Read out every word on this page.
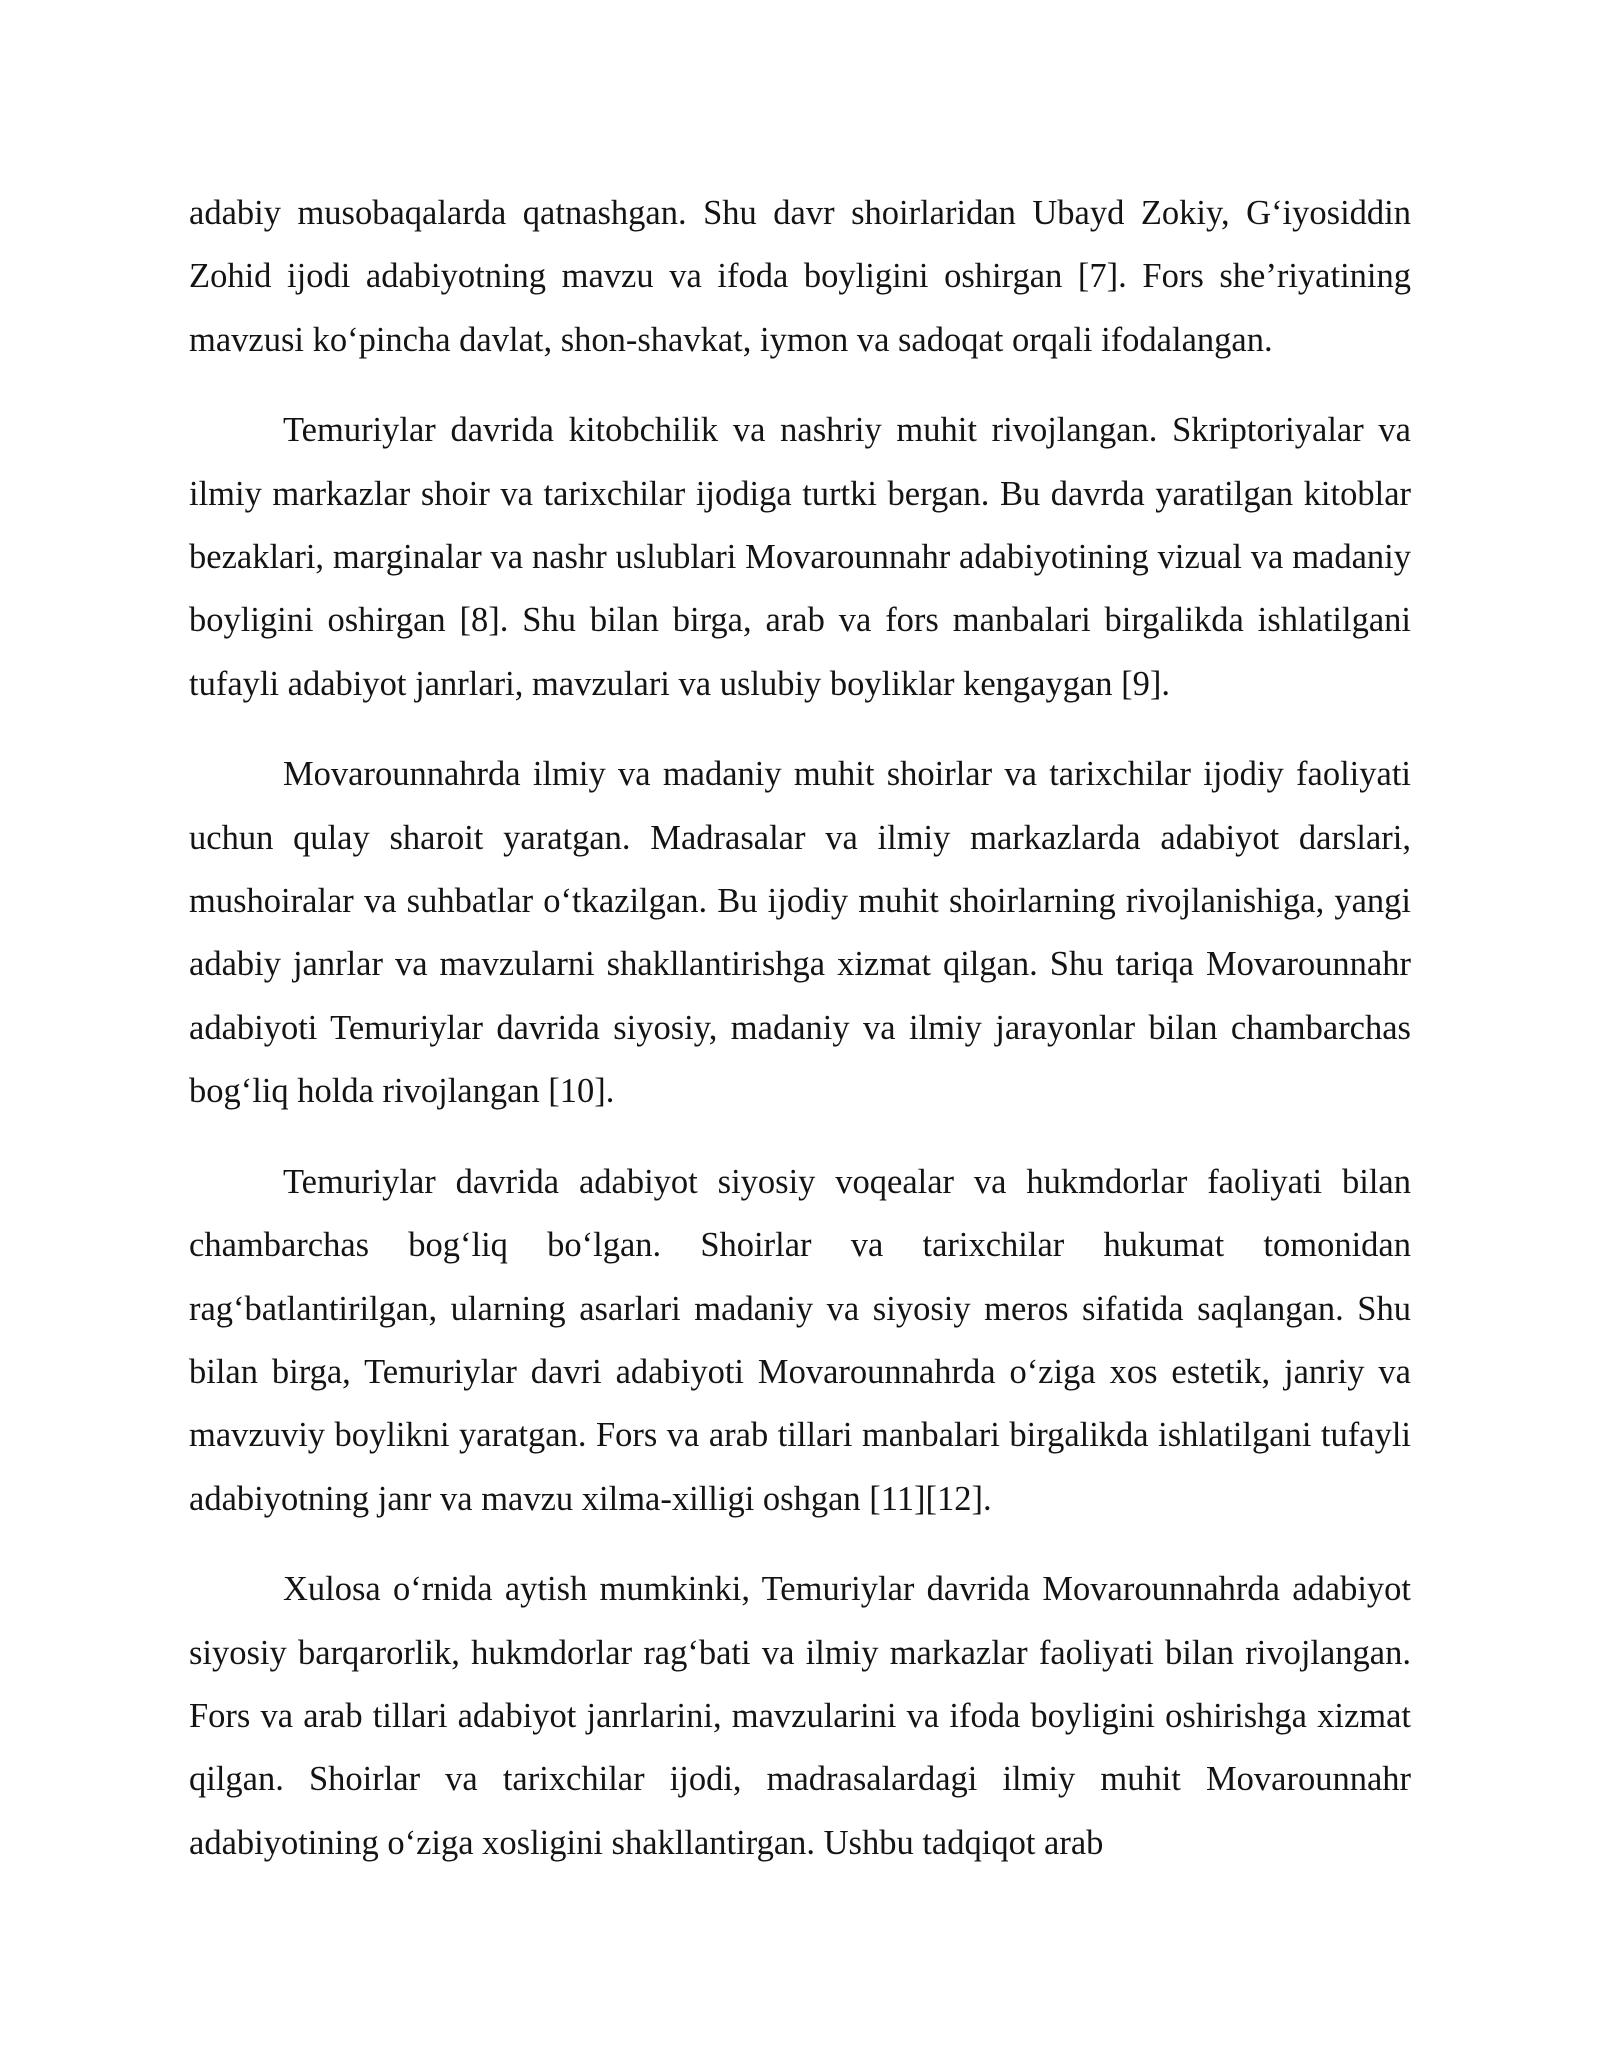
adabiy musobaqalarda qatnashgan. Shu davr shoirlaridan Ubayd Zokiy, G‘iyosiddin Zohid ijodi adabiyotning mavzu va ifoda boyligini oshirgan [7]. Fors she’riyatining mavzusi ko‘pincha davlat, shon-shavkat, iymon va sadoqat orqali ifodalangan.

Temuriylar davrida kitobchilik va nashriy muhit rivojlangan. Skriptoriyalar va ilmiy markazlar shoir va tarixchilar ijodiga turtki bergan. Bu davrda yaratilgan kitoblar bezaklari, marginalar va nashr uslublari Movarounnahr adabiyotining vizual va madaniy boyligini oshirgan [8]. Shu bilan birga, arab va fors manbalari birgalikda ishlatilgani tufayli adabiyot janrlari, mavzulari va uslubiy boyliklar kengaygan [9].

Movarounnahrda ilmiy va madaniy muhit shoirlar va tarixchilar ijodiy faoliyati uchun qulay sharoit yaratgan. Madrasalar va ilmiy markazlarda adabiyot darslari, mushoiralar va suhbatlar o‘tkazilgan. Bu ijodiy muhit shoirlarning rivojlanishiga, yangi adabiy janrlar va mavzularni shakllantirishga xizmat qilgan. Shu tariqa Movarounnahr adabiyoti Temuriylar davrida siyosiy, madaniy va ilmiy jarayonlar bilan chambarchas bog‘liq holda rivojlangan [10].

Temuriylar davrida adabiyot siyosiy voqealar va hukmdorlar faoliyati bilan chambarchas bog‘liq bo‘lgan. Shoirlar va tarixchilar hukumat tomonidan rag‘batlantirilgan, ularning asarlari madaniy va siyosiy meros sifatida saqlangan. Shu bilan birga, Temuriylar davri adabiyoti Movarounnahrda o‘ziga xos estetik, janriy va mavzuviy boylikni yaratgan. Fors va arab tillari manbalari birgalikda ishlatilgani tufayli adabiyotning janr va mavzu xilma-xilligi oshgan [11][12].

Xulosa o‘rnida aytish mumkinki, Temuriylar davrida Movarounnahrda adabiyot siyosiy barqarorlik, hukmdorlar rag‘bati va ilmiy markazlar faoliyati bilan rivojlangan. Fors va arab tillari adabiyot janrlarini, mavzularini va ifoda boyligini oshirishga xizmat qilgan. Shoirlar va tarixchilar ijodi, madrasalardagi ilmiy muhit Movarounnahr adabiyotining o‘ziga xosligini shakllantirgan. Ushbu tadqiqot arab
